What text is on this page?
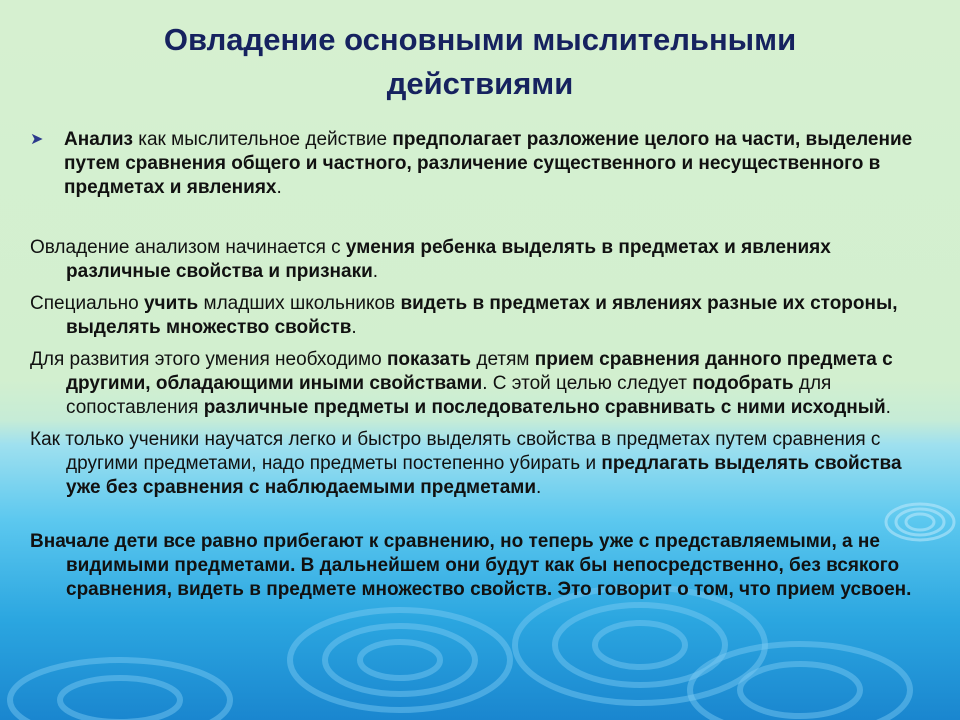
Овладение основными мыслительными
действиями
➤ Анализ как мыслительное действие предполагает разложение целого на части, выделение путем сравнения общего и частного, различение существенного и несущественного в предметах и явлениях.

Овладение анализом начинается с умения ребенка выделять в предметах и явлениях различные свойства и признаки.

Специально учить младших школьников видеть в предметах и явлениях разные их стороны, выделять множество свойств.

Для развития этого умения необходимо показать детям прием сравнения данного предмета с другими, обладающими иными свойствами. С этой целью следует подобрать для сопоставления различные предметы и последовательно сравнивать с ними исходный.

Как только ученики научатся легко и быстро выделять свойства в предметах путем сравнения с другими предметами, надо предметы постепенно убирать и предлагать выделять свойства уже без сравнения с наблюдаемыми предметами.

Вначале дети все равно прибегают к сравнению, но теперь уже с представляемыми, а не видимыми предметами. В дальнейшем они будут как бы непосредственно, без всякого сравнения, видеть в предмете множество свойств. Это говорит о том, что прием усвоен.
